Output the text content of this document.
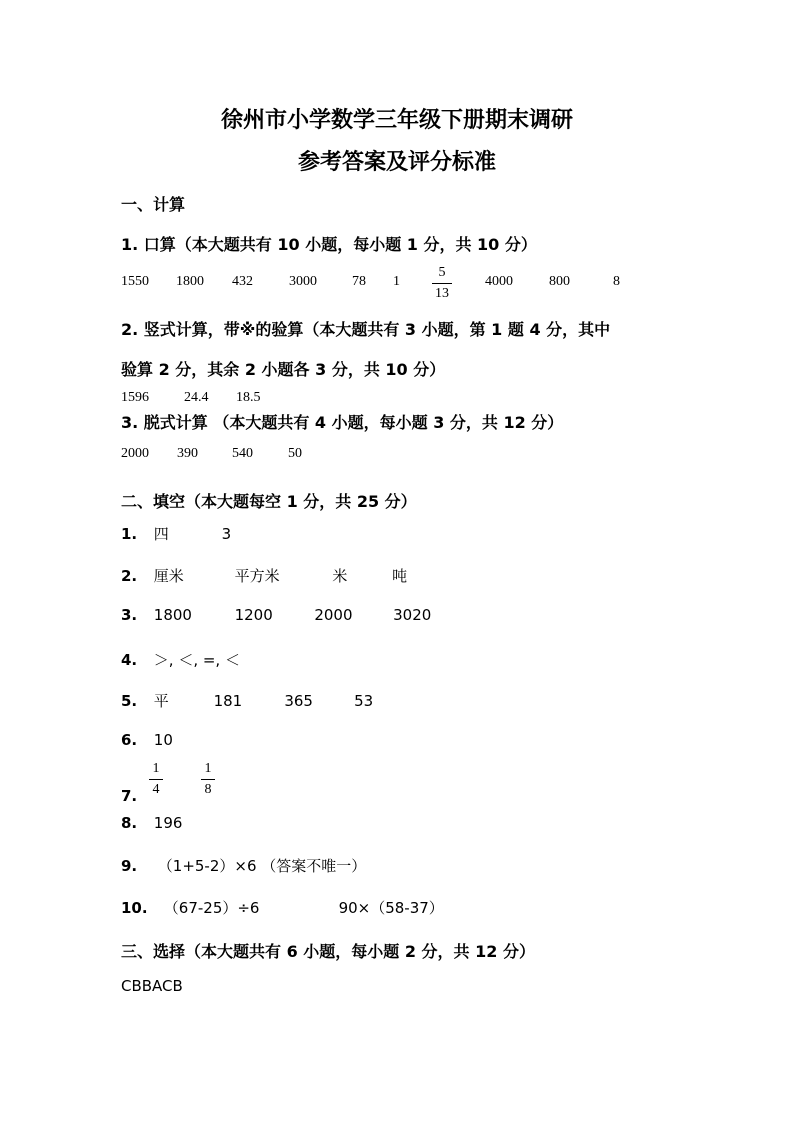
徐州市小学数学三年级下册期末调研
参考答案及评分标准
一、计算
1. 口算（本大题共有 10 小题，每小题 1 分，共 10 分）
1550 1800 432	3000	78 1
5
13
4000	800	8
2. 竖式计算，带※的验算（本大题共有 3 小题，第 1 题 4 分，其中
验算 2 分，其余 2 小题各 3 分，共 10 分）
1596	24.4 18.5
3. 脱式计算 （本大题共有 4 小题，每小题 3 分，共 12 分）
2000 390 540	50
二、填空（本大题每空 1 分，共 25 分）
1. 四	3
2. 厘米	平方米	米	吨
3. 1800	1200	2000	3020
4. ＞, ＜, =, ＜
5. 平	181	365	53
6. 10
7.
1
4
1
8
8. 196
9. （1+5-2）×6 （答案不唯一）
10. （67-25）÷6	90×（58-37）
三、选择（本大题共有 6 小题，每小题 2 分，共 12 分）
CBBACB
